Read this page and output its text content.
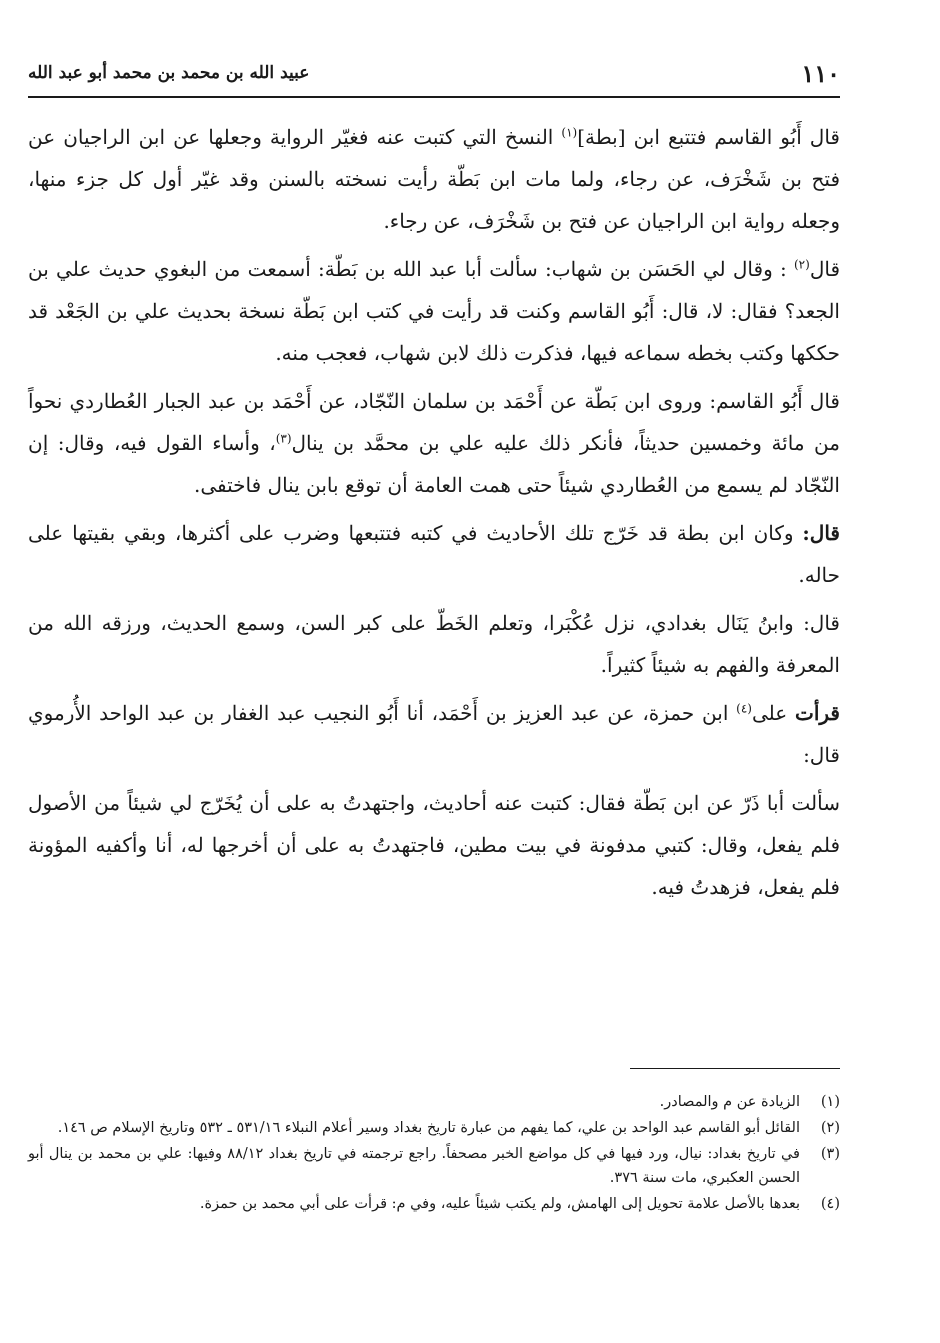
١١٠
عبيد الله بن محمد بن محمد أبو عبد الله

قال أَبُو القاسم فتتبع ابن [بطة]$^{(١)}$ النسخ التي كتبت عنه فغيّر الرواية وجعلها عن ابن الراجيان عن فتح بن شَخْرَف، عن رجاء، ولما مات ابن بَطّة رأيت نسخته بالسنن وقد غيّر أول كل جزء منها، وجعله رواية ابن الراجيان عن فتح بن شَخْرَف، عن رجاء.

قال$^{(٢)}$ : وقال لي الحَسَن بن شهاب: سألت أبا عبد الله بن بَطّة: أسمعت من البغوي حديث علي بن الجعد؟ فقال: لا، قال: أَبُو القاسم وكنت قد رأيت في كتب ابن بَطّة نسخة بحديث علي بن الجَعْد قد حككها وكتب بخطه سماعه فيها، فذكرت ذلك لابن شهاب، فعجب منه.

قال أَبُو القاسم: وروى ابن بَطّة عن أَحْمَد بن سلمان النّجّاد، عن أَحْمَد بن عبد الجبار العُطاردي نحواً من مائة وخمسين حديثاً، فأنكر ذلك عليه علي بن محمَّد بن ينال$^{(٣)}$، وأساء القول فيه، وقال: إن النّجّاد لم يسمع من العُطاردي شيئاً حتى همت العامة أن توقع بابن ينال فاختفى.

قال: وكان ابن بطة قد خَرّج تلك الأحاديث في كتبه فتتبعها وضرب على أكثرها، وبقي بقيتها على حاله.

قال: وابنُ يَنَال بغدادي، نزل عُكْبَرا، وتعلم الخَطّ على كبر السن، وسمع الحديث، ورزقه الله من المعرفة والفهم به شيئاً كثيراً.

قرأت على$^{(٤)}$ ابن حمزة، عن عبد العزيز بن أَحْمَد، أنا أَبُو النجيب عبد الغفار بن عبد الواحد الأُرموي قال:

سألت أبا ذَرّ عن ابن بَطّة فقال: كتبت عنه أحاديث، واجتهدتُ به على أن يُخَرّج لي شيئاً من الأصول فلم يفعل، وقال: كتبي مدفونة في بيت مطين، فاجتهدتُ به على أن أخرجها له، أنا وأكفيه المؤونة فلم يفعل، فزهدتُ فيه.

(١)
الزيادة عن م والمصادر.
(٢)
القائل أبو القاسم عبد الواحد بن علي، كما يفهم من عبارة تاريخ بغداد وسير أعلام النبلاء ٥٣١/١٦ ـ ٥٣٢ وتاريخ الإسلام ص ١٤٦.
(٣)
في تاريخ بغداد: نيال، ورد فيها في كل مواضع الخبر مصحفاً. راجع ترجمته في تاريخ بغداد ٨٨/١٢ وفيها: علي بن محمد بن ينال أبو الحسن العكبري، مات سنة ٣٧٦.
(٤)
بعدها بالأصل علامة تحويل إلى الهامش، ولم يكتب شيئاً عليه، وفي م: قرأت على أبي محمد بن حمزة.
